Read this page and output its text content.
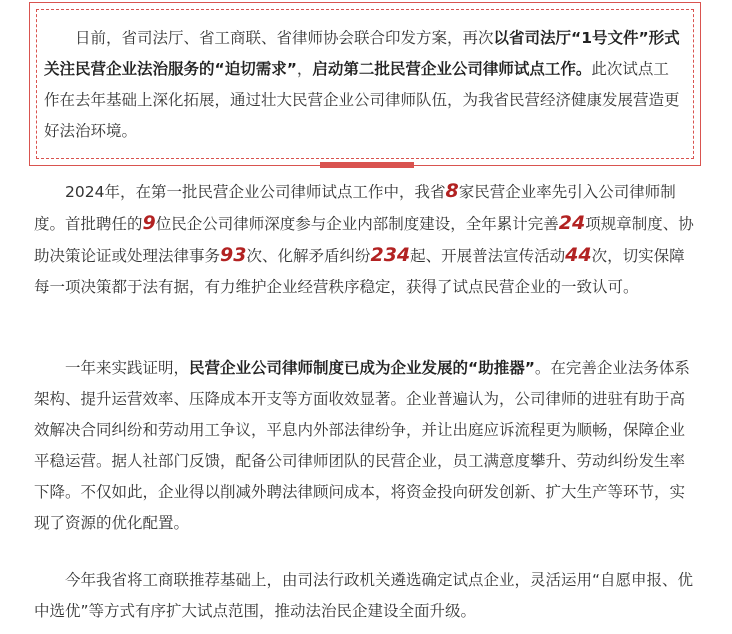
日前，省司法厅、省工商联、省律师协会联合印发方案，再次以省司法厅“1号文件”形式关注民营企业法治服务的“迫切需求”，启动第二批民营企业公司律师试点工作。此次试点工作在去年基础上深化拓展，通过壮大民营企业公司律师队伍，为我省民营经济健康发展营造更好法治环境。
2024年，在第一批民营企业公司律师试点工作中，我省8家民营企业率先引入公司律师制度。首批聘任的9位民企公司律师深度参与企业内部制度建设，全年累计完善24项规章制度、协助决策论证或处理法律事务93次、化解矛盾纠纷234起、开展普法宣传活动44次，切实保障每一项决策都于法有据，有力维护企业经营秩序稳定，获得了试点民营企业的一致认可。
一年来实践证明，民营企业公司律师制度已成为企业发展的“助推器”。在完善企业法务体系架构、提升运营效率、压降成本开支等方面收效显著。企业普遍认为，公司律师的进驻有助于高效解决合同纠纷和劳动用工争议，平息内外部法律纷争，并让出庭应诉流程更为顺畅，保障企业平稳运营。据人社部门反馈，配备公司律师团队的民营企业，员工满意度攀升、劳动纠纷发生率下降。不仅如此，企业得以削减外聘法律顾问成本，将资金投向研发创新、扩大生产等环节，实现了资源的优化配置。
今年我省将工商联推荐基础上，由司法行政机关遴选确定试点企业，灵活运用“自愿申报、优中选优”等方式有序扩大试点范围，推动法治民企建设全面升级。
